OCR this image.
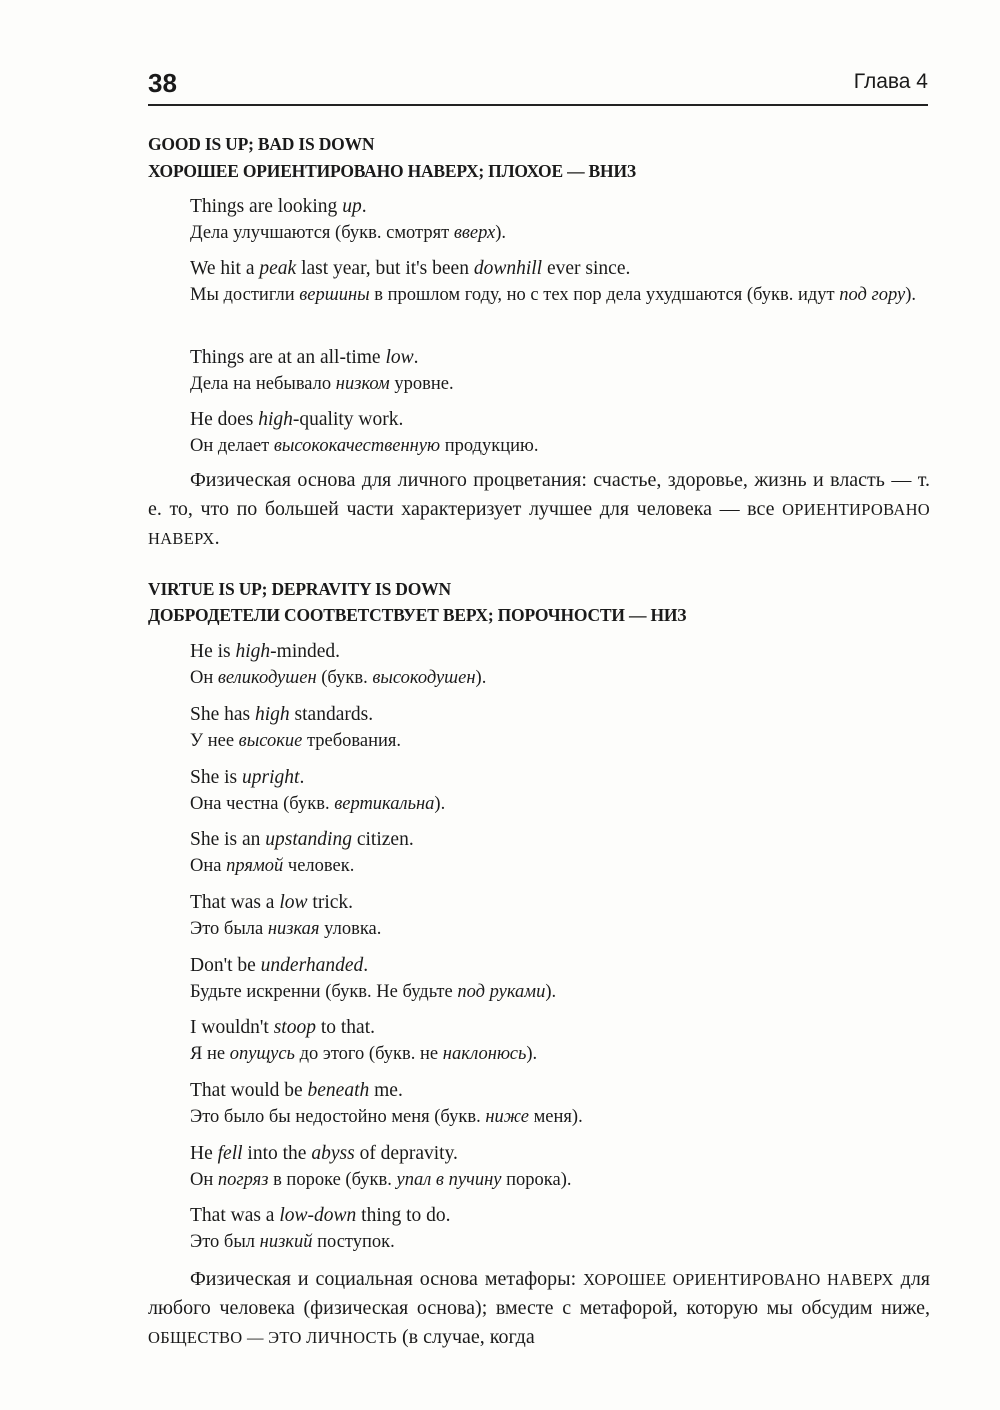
38	Глава 4
GOOD IS UP; BAD IS DOWN
ХОРОШЕЕ ОРИЕНТИРОВАНО НАВЕРХ; ПЛОХОЕ — ВНИЗ
Things are looking up.
Дела улучшаются (букв. смотрят вверх).
We hit a peak last year, but it's been downhill ever since.
Мы достигли вершины в прошлом году, но с тех пор дела ухудшаются (букв. идут под гору).
Things are at an all-time low.
Дела на небывало низком уровне.
He does high-quality work.
Он делает высококачественную продукцию.
Физическая основа для личного процветания: счастье, здоровье, жизнь и власть — т. е. то, что по большей части характеризует лучшее для человека — все ОРИЕНТИРОВАНО НАВЕРХ.
VIRTUE IS UP; DEPRAVITY IS DOWN
ДОБРОДЕТЕЛИ СООТВЕТСТВУЕТ ВЕРХ; ПОРОЧНОСТИ — НИЗ
He is high-minded.
Он великодушен (букв. высокодушен).
She has high standards.
У нее высокие требования.
She is upright.
Она честна (букв. вертикальна).
She is an upstanding citizen.
Она прямой человек.
That was a low trick.
Это была низкая уловка.
Don't be underhanded.
Будьте искренни (букв. Не будьте под руками).
I wouldn't stoop to that.
Я не опущусь до этого (букв. не наклонюсь).
That would be beneath me.
Это было бы недостойно меня (букв. ниже меня).
He fell into the abyss of depravity.
Он погряз в пороке (букв. упал в пучину порока).
That was a low-down thing to do.
Это был низкий поступок.
Физическая и социальная основа метафоры: ХОРОШЕЕ ОРИЕНТИРОВАНО НАВЕРХ для любого человека (физическая основа); вместе с метафорой, которую мы обсудим ниже, ОБЩЕСТВО — ЭТО ЛИЧНОСТЬ (в случае, когда
